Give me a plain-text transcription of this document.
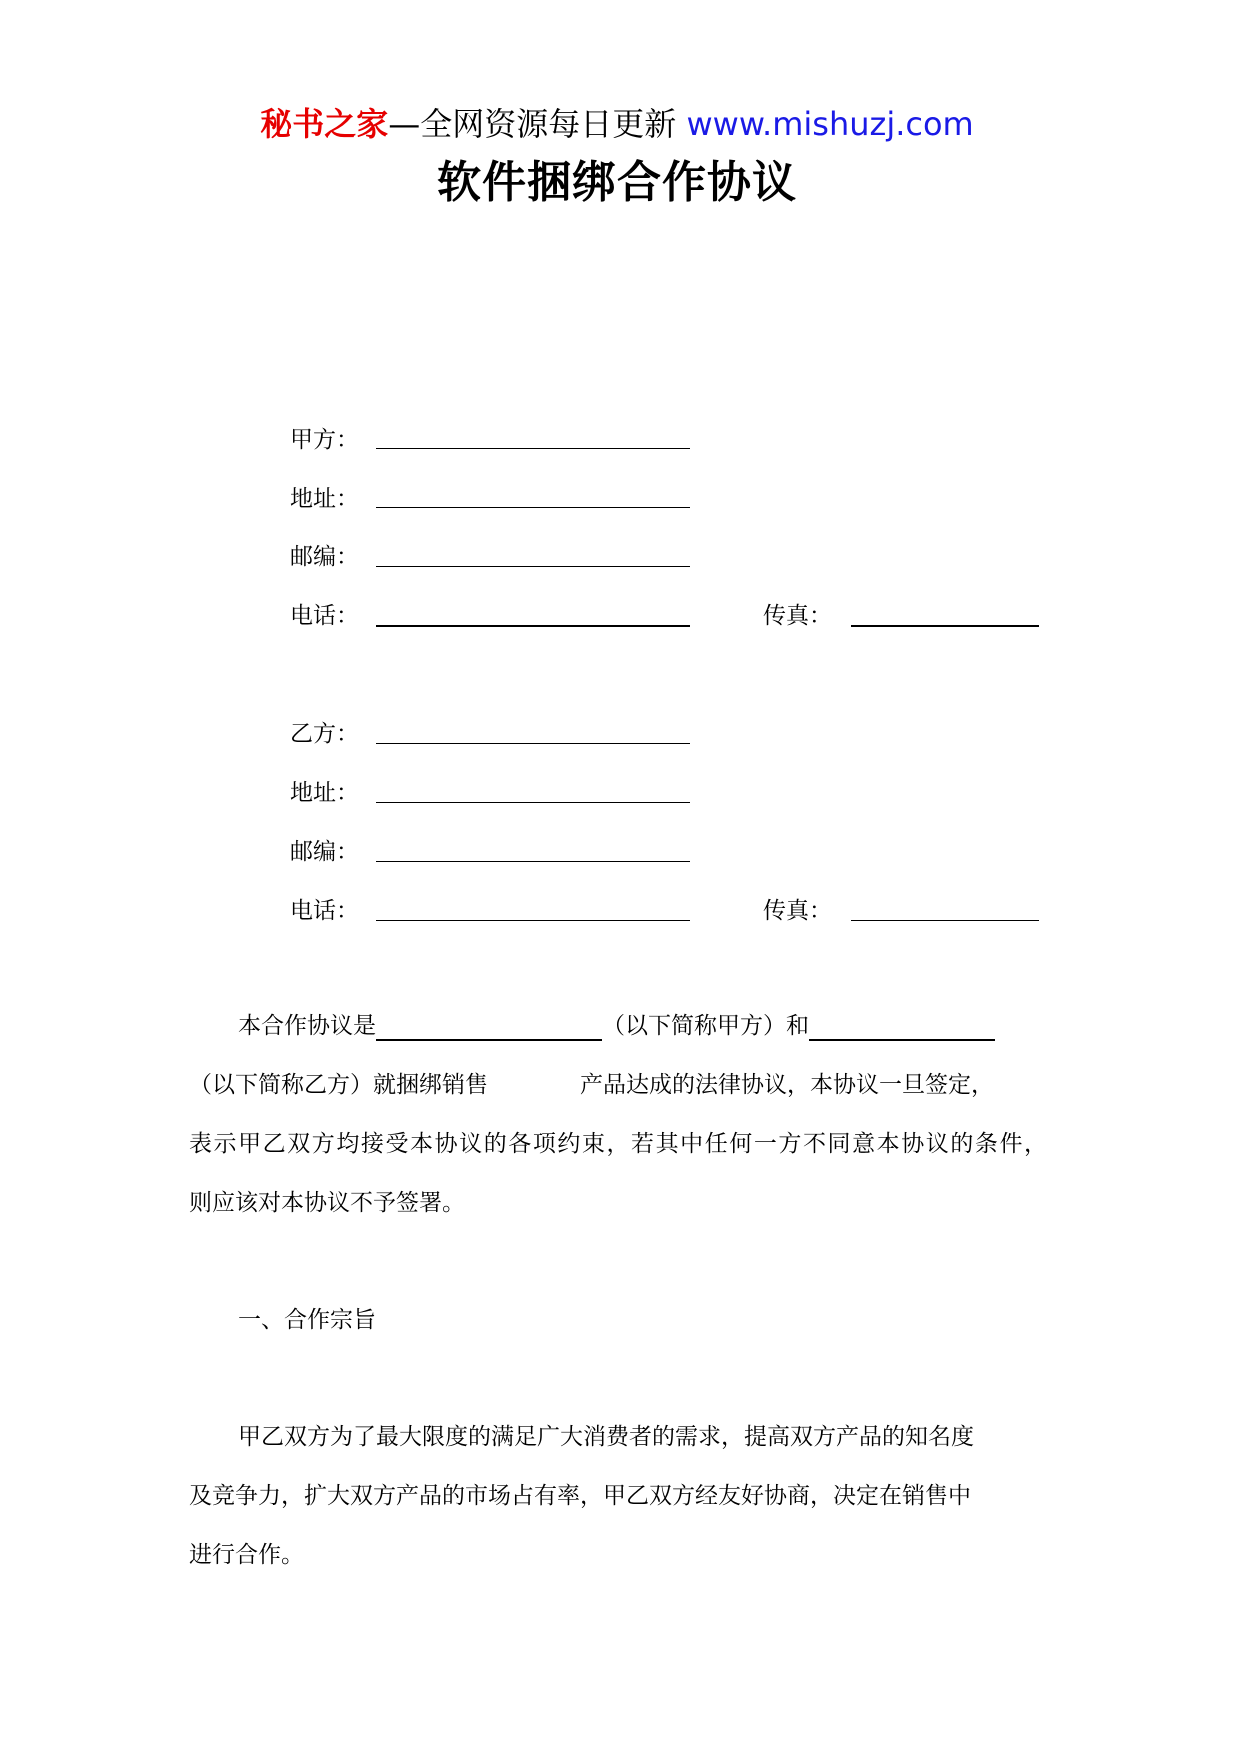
秘书之家—全网资源每日更新 www.mishuzj.com
软件捆绑合作协议
甲方：
地址：
邮编：
电话：	传真：
乙方：
地址：
邮编：
电话：	传真：
本合作协议是	（以下简称甲方）和
（以下简称乙方）就捆绑销售	产品达成的法律协议，本协议一旦签定，
表示甲乙双方均接受本协议的各项约束，若其中任何一方不同意本协议的条件，
则应该对本协议不予签署。
一、合作宗旨
甲乙双方为了最大限度的满足广大消费者的需求，提高双方产品的知名度
及竞争力，扩大双方产品的市场占有率，甲乙双方经友好协商，决定在销售中
进行合作。
